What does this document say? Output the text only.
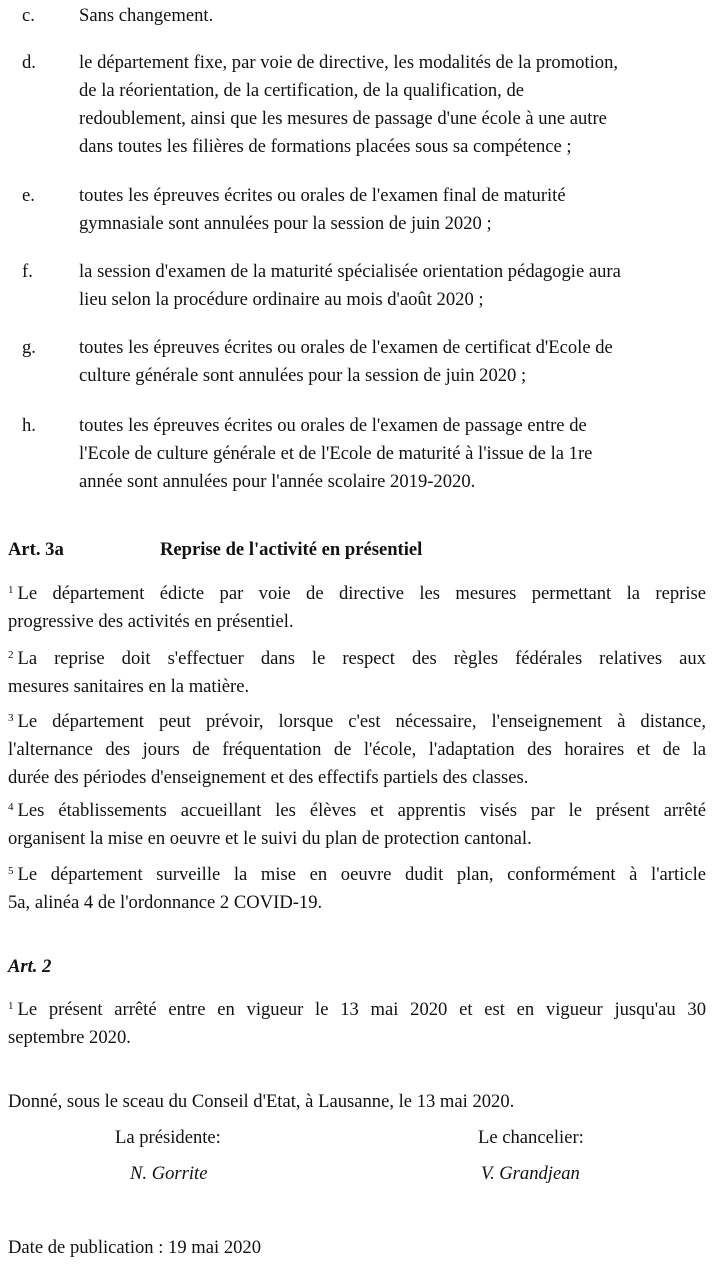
c. Sans changement.
d. le département fixe, par voie de directive, les modalités de la promotion,
de la réorientation, de la certification, de la qualification, de
redoublement, ainsi que les mesures de passage d'une école à une autre
dans toutes les filières de formations placées sous sa compétence ;
e. toutes les épreuves écrites ou orales de l'examen final de maturité
gymnasiale sont annulées pour la session de juin 2020 ;
f. la session d'examen de la maturité spécialisée orientation pédagogie aura
lieu selon la procédure ordinaire au mois d'août 2020 ;
g. toutes les épreuves écrites ou orales de l'examen de certificat d'Ecole de
culture générale sont annulées pour la session de juin 2020 ;
h. toutes les épreuves écrites ou orales de l'examen de passage entre de
l'Ecole de culture générale et de l'Ecole de maturité à l'issue de la 1re
année sont annulées pour l'année scolaire 2019-2020.
Art. 3a	Reprise de l'activité en présentiel
$^1$ Le département édicte par voie de directive les mesures permettant la reprise
progressive des activités en présentiel.
$^2$ La reprise doit s'effectuer dans le respect des règles fédérales relatives aux
mesures sanitaires en la matière.
$^3$ Le département peut prévoir, lorsque c'est nécessaire, l'enseignement à distance,
l'alternance des jours de fréquentation de l'école, l'adaptation des horaires et de la
durée des périodes d'enseignement et des effectifs partiels des classes.
$^4$ Les établissements accueillant les élèves et apprentis visés par le présent arrêté
organisent la mise en oeuvre et le suivi du plan de protection cantonal.
$^5$ Le département surveille la mise en oeuvre dudit plan, conformément à l'article
5a, alinéa 4 de l'ordonnance 2 COVID-19.
Art. 2
$^1$ Le présent arrêté entre en vigueur le 13 mai 2020 et est en vigueur jusqu'au 30
septembre 2020.
Donné, sous le sceau du Conseil d'Etat, à Lausanne, le 13 mai 2020.
La présidente:	Le chancelier:
N. Gorrite	V. Grandjean
Date de publication : 19 mai 2020
